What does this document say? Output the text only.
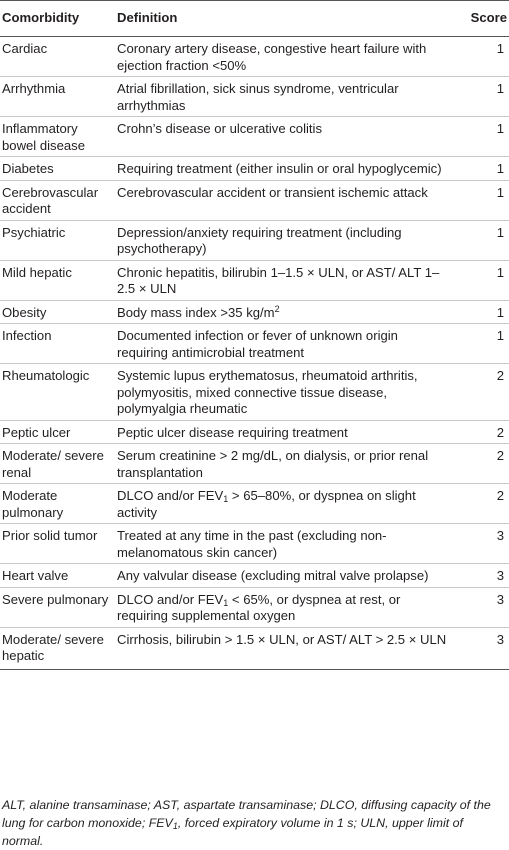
Comorbidity	Definition	Score
Cardiac	Coronary artery disease, congestive heart failure with ejection fraction <50%	1
Arrhythmia	Atrial fibrillation, sick sinus syndrome, ventricular arrhythmias	1
Inflammatory bowel disease	Crohn’s disease or ulcerative colitis	1
Diabetes	Requiring treatment (either insulin or oral hypoglycemic)	1
Cerebrovascular accident	Cerebrovascular accident or transient ischemic attack	1
Psychiatric	Depression/anxiety requiring treatment (including psychotherapy)	1
Mild hepatic	Chronic hepatitis, bilirubin 1–1.5 × ULN, or AST/ ALT 1–2.5 × ULN	1
Obesity	Body mass index >35 $kg/m^2$	1
Infection	Documented infection or fever of unknown origin requiring antimicrobial treatment	1
Rheumatologic	Systemic lupus erythematosus, rheumatoid arthritis, polymyositis, mixed connective tissue disease, polymyalgia rheumatic	2
Peptic ulcer	Peptic ulcer disease requiring treatment	2
Moderate/ severe renal	Serum creatinine > 2 mg/dL, on dialysis, or prior renal transplantation	2
Moderate pulmonary	DLCO and/or $FEV_1 > 65-80\%$, or dyspnea on slight activity	2
Prior solid tumor	Treated at any time in the past (excluding non-melanomatous skin cancer)	3
Heart valve	Any valvular disease (excluding mitral valve prolapse)	3
Severe pulmonary	DLCO and/or $FEV_1 < 65\%$, or dyspnea at rest, or requiring supplemental oxygen	3
Moderate/ severe hepatic	Cirrhosis, bilirubin > 1.5 × ULN, or AST/ ALT > 2.5 × ULN	3
ALT, alanine transaminase; AST, aspartate transaminase; DLCO, diffusing capacity of the lung for carbon monoxide; $FEV_1$, forced expiratory volume in 1 s; ULN, upper limit of normal.
